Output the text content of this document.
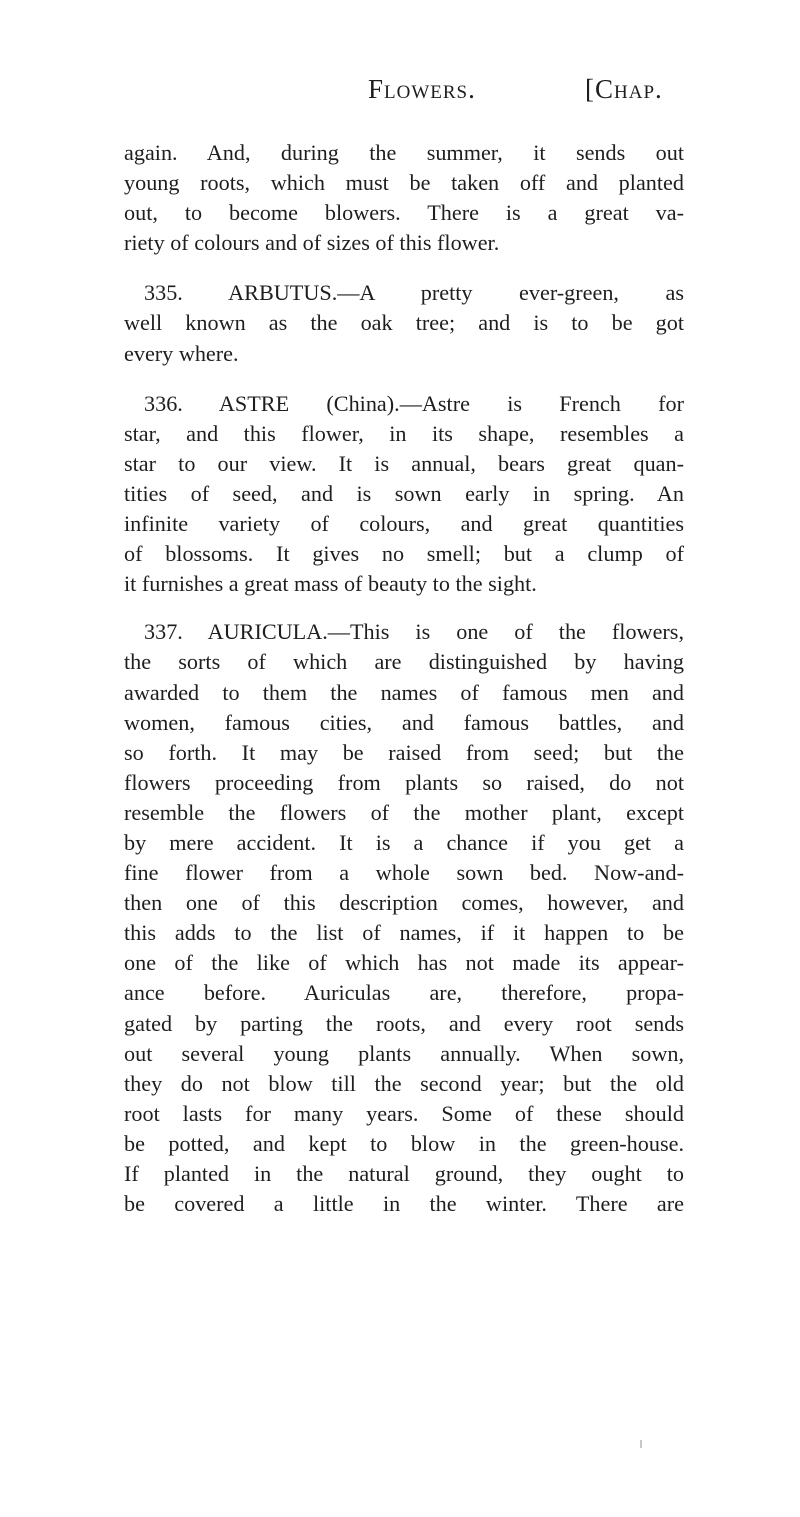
Flowers.	[Chap.
again. And, during the summer, it sends out
young roots, which must be taken off and planted
out, to become blowers. There is a great va-
riety of colours and of sizes of this flower.
335. ARBUTUS.—A pretty ever-green, as
well known as the oak tree; and is to be got
every where.
336. ASTRE (China).—Astre is French for
star, and this flower, in its shape, resembles a
star to our view. It is annual, bears great quan-
tities of seed, and is sown early in spring. An
infinite variety of colours, and great quantities
of blossoms. It gives no smell; but a clump of
it furnishes a great mass of beauty to the sight.
337. AURICULA.—This is one of the flowers,
the sorts of which are distinguished by having
awarded to them the names of famous men and
women, famous cities, and famous battles, and
so forth. It may be raised from seed; but the
flowers proceeding from plants so raised, do not
resemble the flowers of the mother plant, except
by mere accident. It is a chance if you get a
fine flower from a whole sown bed. Now-and-
then one of this description comes, however, and
this adds to the list of names, if it happen to be
one of the like of which has not made its appear-
ance before. Auriculas are, therefore, propa-
gated by parting the roots, and every root sends
out several young plants annually. When sown,
they do not blow till the second year; but the old
root lasts for many years. Some of these should
be potted, and kept to blow in the green-house.
If planted in the natural ground, they ought to
be covered a little in the winter. There are
